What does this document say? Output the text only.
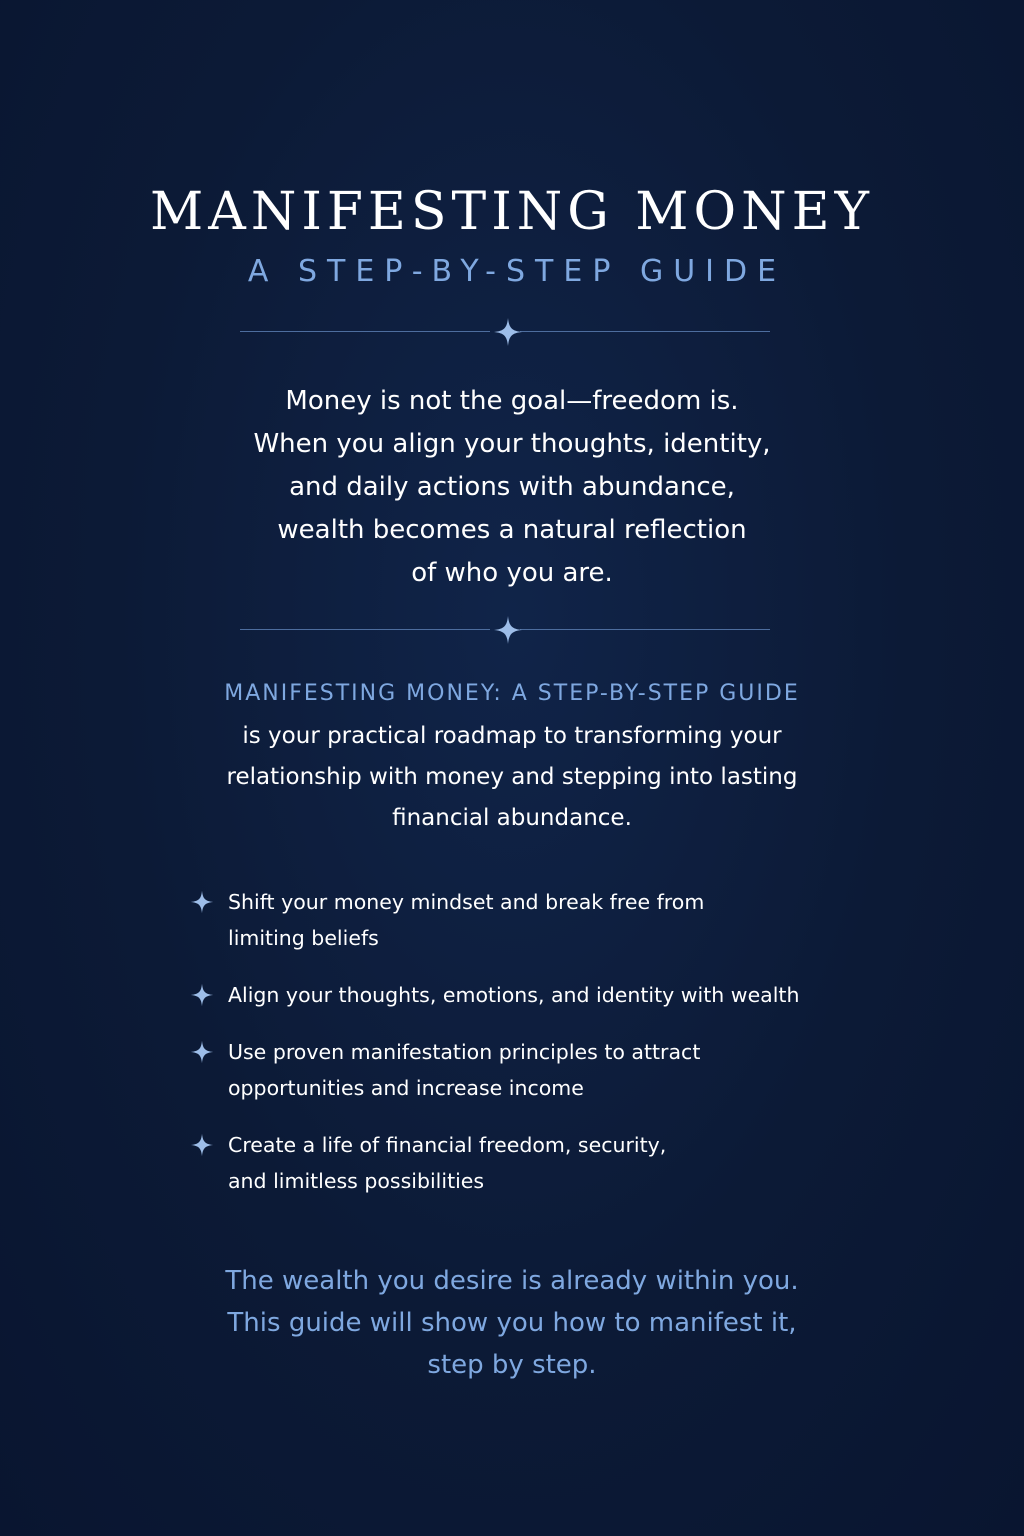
MANIFESTING MONEY
A STEP-BY-STEP GUIDE
Money is not the goal—freedom is.
When you align your thoughts, identity,
and daily actions with abundance,
wealth becomes a natural reflection
of who you are.
MANIFESTING MONEY: A STEP-BY-STEP GUIDE
is your practical roadmap to transforming your
relationship with money and stepping into lasting
financial abundance.
Shift your money mindset and break free from
limiting beliefs
Align your thoughts, emotions, and identity with wealth
Use proven manifestation principles to attract
opportunities and increase income
Create a life of financial freedom, security,
and limitless possibilities
The wealth you desire is already within you.
This guide will show you how to manifest it,
step by step.
